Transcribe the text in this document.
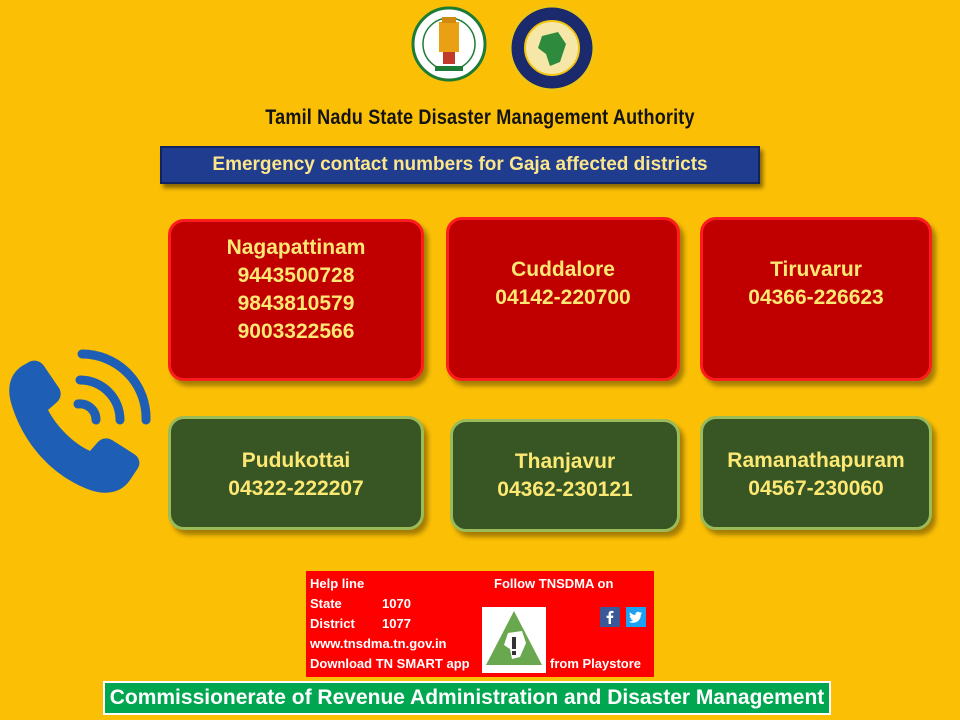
Tamil Nadu State Disaster Management Authority
Emergency contact numbers for Gaja affected districts
Nagapattinam
9443500728
9843810579
9003322566
Cuddalore
04142-220700
Tiruvarur
04366-226623
Pudukottai
04322-222207
Thanjavur
04362-230121
Ramanathapuram
04567-230060
Help line	Follow TNSDMA on
State	1070
District 1077
www.tnsdma.tn.gov.in
Download TN SMART app	from Playstore
Commissionerate of Revenue Administration and Disaster Management
